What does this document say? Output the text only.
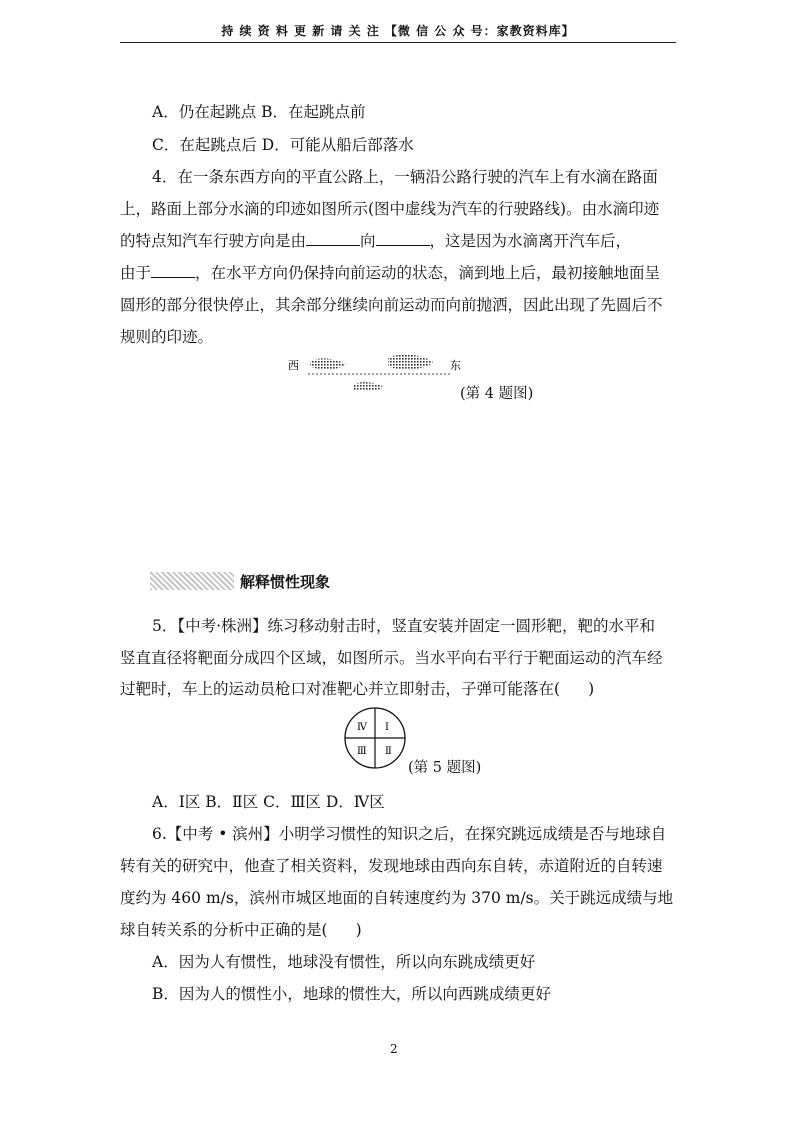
持 续 资 料 更 新 请 关 注 【微 信 公 众 号：家教资料库】
A．仍在起跳点 B．在起跳点前
C．在起跳点后 D．可能从船后部落水
4．在一条东西方向的平直公路上，一辆沿公路行驶的汽车上有水滴在路面
上，路面上部分水滴的印迹如图所示(图中虚线为汽车的行驶路线)。由水滴印迹
的特点知汽车行驶方向是由	向	，这是因为水滴离开汽车后，
由于	，在水平方向仍保持向前运动的状态，滴到地上后，最初接触地面呈
圆形的部分很快停止，其余部分继续向前运动而向前抛洒，因此出现了先圆后不
规则的印迹。
西	东
(第 4 题图)
解释惯性现象
5．【中考·株洲】练习移动射击时，竖直安装并固定一圆形靶，靶的水平和
竖直直径将靶面分成四个区域，如图所示。当水平向右平行于靶面运动的汽车经
过靶时，车上的运动员枪口对准靶心并立即射击，子弹可能落在( )
Ⅳ Ⅰ
Ⅲ Ⅱ
(第 5 题图)
A．Ⅰ区 B．Ⅱ区 C．Ⅲ区 D．Ⅳ区
6.【中考 • 滨州】小明学习惯性的知识之后，在探究跳远成绩是否与地球自
转有关的研究中，他查了相关资料，发现地球由西向东自转，赤道附近的自转速
度约为 460 m/s，滨州市城区地面的自转速度约为 370 m/s。关于跳远成绩与地
球自转关系的分析中正确的是( )
A．因为人有惯性，地球没有惯性，所以向东跳成绩更好
B．因为人的惯性小，地球的惯性大，所以向西跳成绩更好
2
